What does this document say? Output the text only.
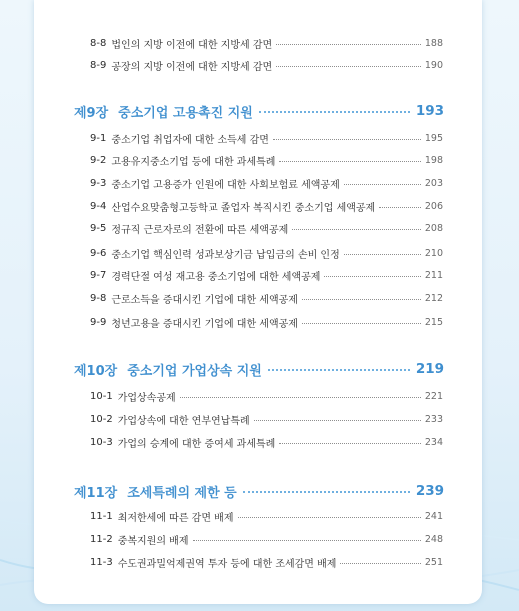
8-8 법인의 지방 이전에 대한 지방세 감면	188
8-9 공장의 지방 이전에 대한 지방세 감면	190
제9장 중소기업 고용촉진 지원	193
9-1 중소기업 취업자에 대한 소득세 감면	195
9-2 고용유지중소기업 등에 대한 과세특례	198
9-3 중소기업 고용증가 인원에 대한 사회보험료 세액공제	203
9-4 산업수요맞춤형고등학교 졸업자 복직시킨 중소기업 세액공제	206
9-5 정규직 근로자로의 전환에 따른 세액공제	208
9-6 중소기업 핵심인력 성과보상기금 납입금의 손비 인정	210
9-7 경력단절 여성 재고용 중소기업에 대한 세액공제	211
9-8 근로소득을 증대시킨 기업에 대한 세액공제	212
9-9 청년고용을 증대시킨 기업에 대한 세액공제	215
제10장 중소기업 가업상속 지원	219
10-1 가업상속공제	221
10-2 가업상속에 대한 연부연납특례	233
10-3 가업의 승계에 대한 증여세 과세특례	234
제11장 조세특례의 제한 등	239
11-1 최저한세에 따른 감면 배제	241
11-2 중복지원의 배제	248
11-3 수도권과밀억제권역 투자 등에 대한 조세감면 배제	251
